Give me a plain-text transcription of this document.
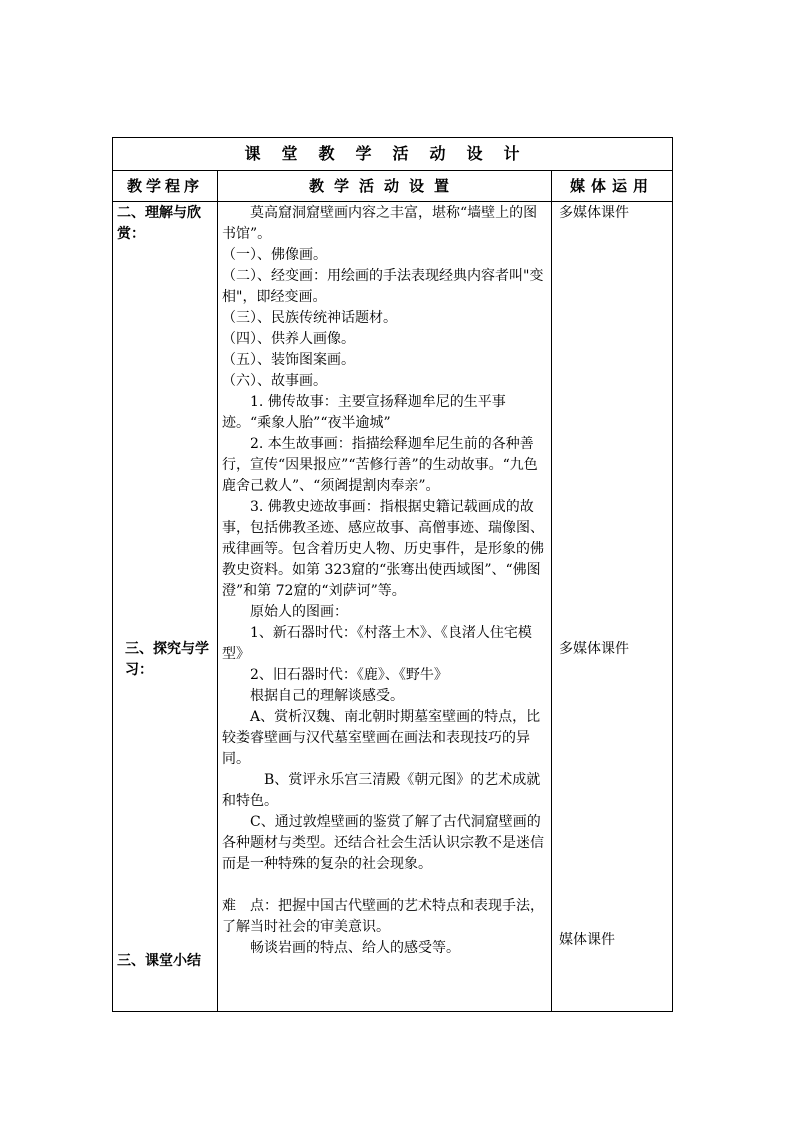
课堂教学活动设计
教学程序	教学活动设置	媒体运用
二、理解与欣赏：
多媒体课件
三、探究与学习：
多媒体课件
三、课堂小结
媒体课件

莫高窟洞窟壁画内容之丰富，堪称“墙壁上的图书馆”。

（一）、佛像画。

（二）、经变画：用绘画的手法表现经典内容者叫"变相"，即经变画。

（三）、民族传统神话题材。

（四）、供养人画像。

（五）、装饰图案画。

（六）、故事画。

1. 佛传故事：主要宣扬释迦牟尼的生平事迹。“乘象人胎”“夜半逾城”

2. 本生故事画：指描绘释迦牟尼生前的各种善行，宣传“因果报应”“苦修行善”的生动故事。“九色鹿舍己救人”、“须阇提割肉奉亲”。

3. 佛教史迹故事画：指根据史籍记载画成的故事，包括佛教圣迹、感应故事、高僧事迹、瑞像图、戒律画等。包含着历史人物、历史事件，是形象的佛教史资料。如第 323窟的“张骞出使西域图”、“佛图澄”和第 72窟的“刘萨诃”等。

原始人的图画：

1、新石器时代：《村落土木》、《良渚人住宅模型》

2、旧石器时代：《鹿》、《野牛》

根据自己的理解谈感受。

A、赏析汉魏、南北朝时期墓室壁画的特点，比较娄睿壁画与汉代墓室壁画在画法和表现技巧的异同。

B、赏评永乐宫三清殿《朝元图》的艺术成就和特色。

C、通过敦煌壁画的鉴赏了解了古代洞窟壁画的各种题材与类型。还结合社会生活认识宗教不是迷信而是一种特殊的复杂的社会现象。

难　点：把握中国古代壁画的艺术特点和表现手法，了解当时社会的审美意识。

畅谈岩画的特点、给人的感受等。
